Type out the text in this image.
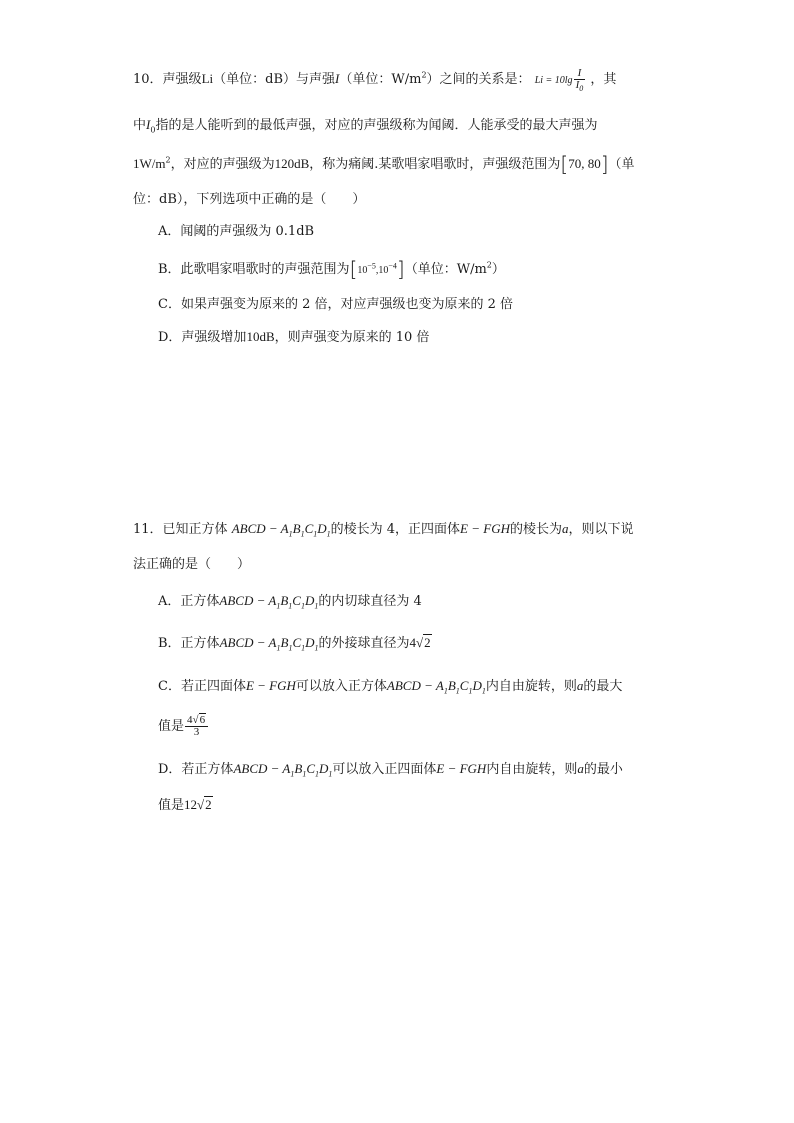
10．声强级Li（单位：dB）与声强I（单位：$W/m^2$）之间的关系是： $Li = 10\lg \frac{I}{I_0}$ ，其
中$I_0$指的是人能听到的最低声强，对应的声强级称为闻阈．人能承受的最大声强为
$1W/m^2$，对应的声强级为120dB，称为痛阈.某歌唱家唱歌时，声强级范围为[70, 80]（单
位：dB），下列选项中正确的是（　　）
A．闻阈的声强级为 0.1dB
B．此歌唱家唱歌时的声强范围为$[10^{-5},10^{-4}]$（单位：$W/m^2$）
C．如果声强变为原来的 2 倍，对应声强级也变为原来的 2 倍
D．声强级增加10dB，则声强变为原来的 10 倍
11．已知正方体 ABCD − $A_1B_1C_1D_1$的棱长为 4，正四面体E − FGH的棱长为a，则以下说
法正确的是（　　）
A．正方体ABCD − $A_1B_1C_1D_1$的内切球直径为 4
B．正方体ABCD − $A_1B_1C_1D_1$的外接球直径为4√2
C．若正四面体E − FGH可以放入正方体ABCD − $A_1B_1C_1D_1$内自由旋转，则a的最大
值是 $\frac{4√6}{3}$
D．若正方体ABCD − $A_1B_1C_1D_1$可以放入正四面体E − FGH内自由旋转，则a的最小
值是12√2
